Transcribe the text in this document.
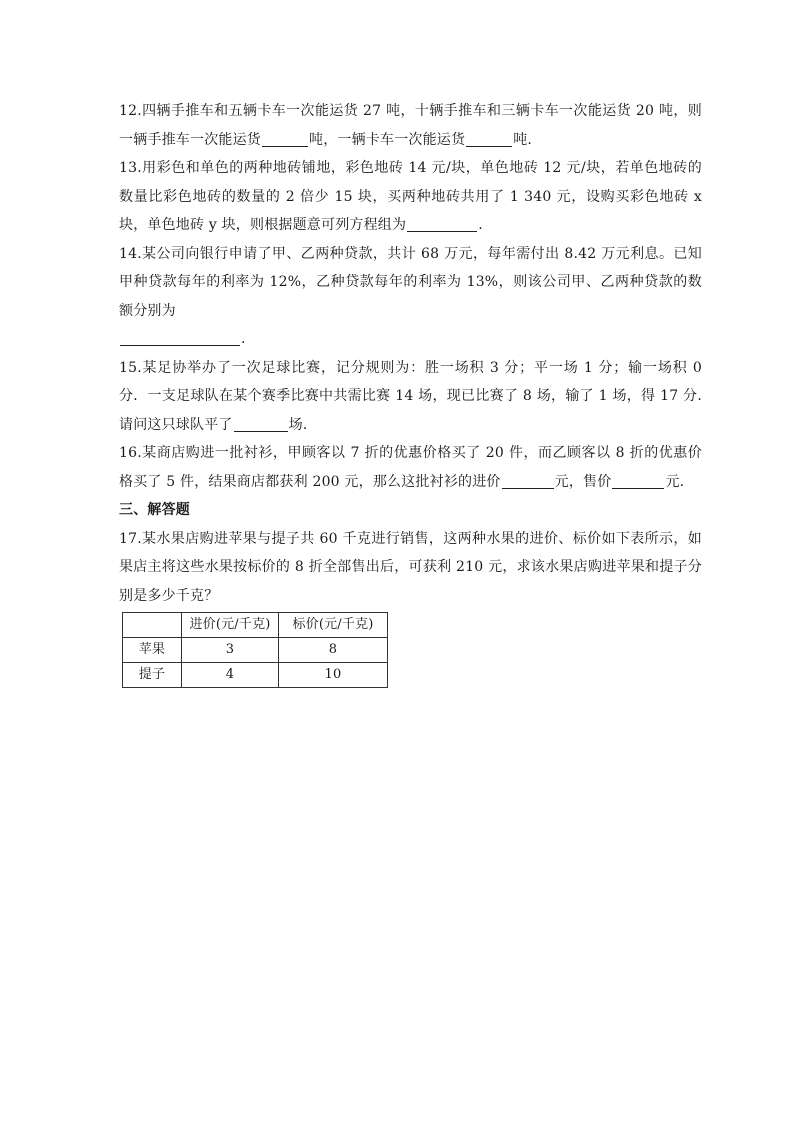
12.四辆手推车和五辆卡车一次能运货 27 吨，十辆手推车和三辆卡车一次能运货 20 吨，则一辆手推车一次能运货	吨，一辆卡车一次能运货	吨.

13.用彩色和单色的两种地砖铺地，彩色地砖 14 元/块，单色地砖 12 元/块，若单色地砖的数量比彩色地砖的数量的 2 倍少 15 块，买两种地砖共用了 1 340 元，设购买彩色地砖 x 块，单色地砖 y 块，则根据题意可列方程组为	.

14.某公司向银行申请了甲、乙两种贷款，共计 68 万元，每年需付出 8.42 万元利息。已知甲种贷款每年的利率为 12%，乙种贷款每年的利率为 13%，则该公司甲、乙两种贷款的数额分别为
.

15.某足协举办了一次足球比赛，记分规则为：胜一场积 3 分；平一场 1 分；输一场积 0 分．一支足球队在某个赛季比赛中共需比赛 14 场，现已比赛了 8 场，输了 1 场，得 17 分. 请问这只球队平了	场.

16.某商店购进一批衬衫，甲顾客以 7 折的优惠价格买了 20 件，而乙顾客以 8 折的优惠价格买了 5 件，结果商店都获利 200 元，那么这批衬衫的进价	元，售价	元.

三、解答题

17.某水果店购进苹果与提子共 60 千克进行销售，这两种水果的进价、标价如下表所示，如果店主将这些水果按标价的 8 折全部售出后，可获利 210 元，求该水果店购进苹果和提子分别是多少千克？

	进价(元/千克)	标价(元/千克)
苹果	3	8
提子	4	10
